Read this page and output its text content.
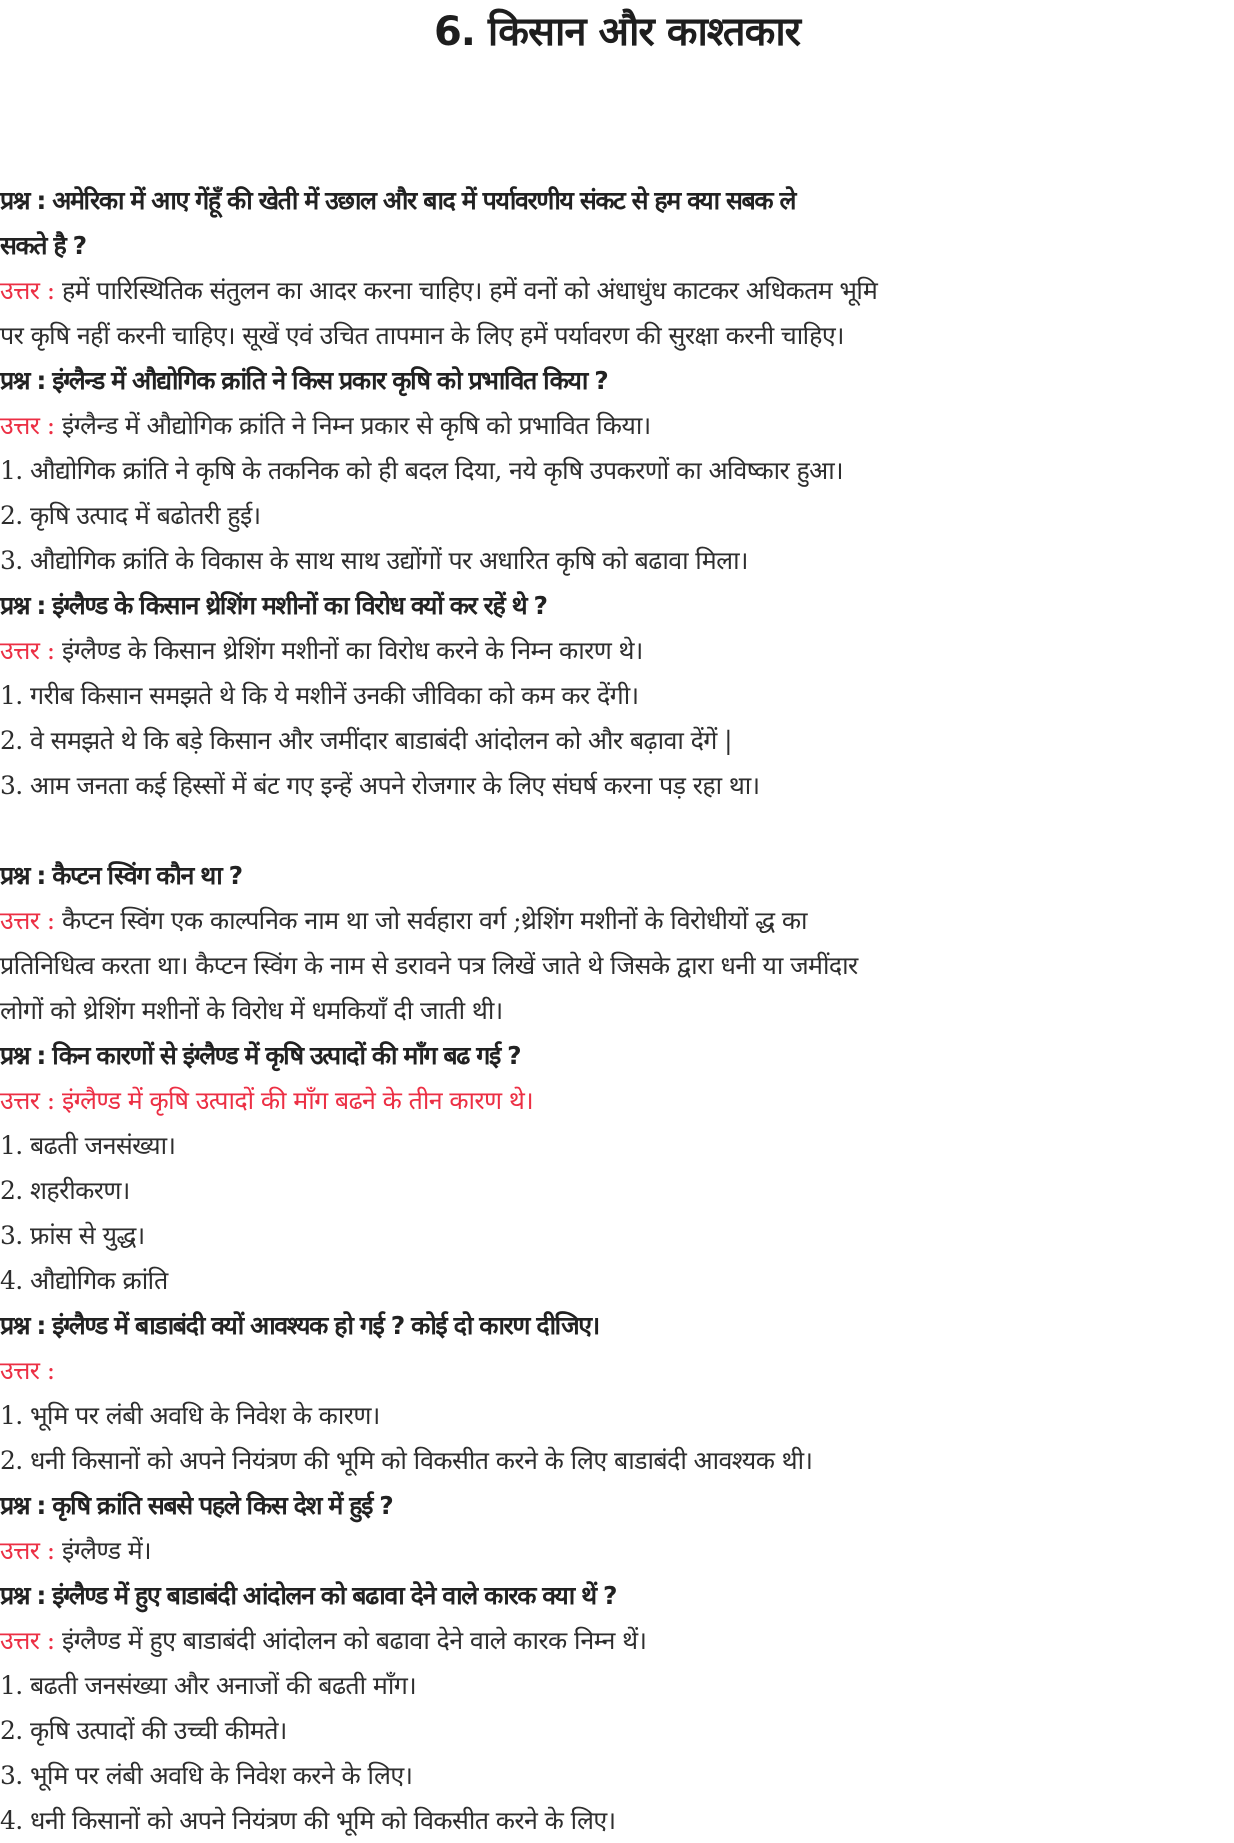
6. किसान और काश्तकार
प्रश्न : अमेरिका में आए गेंहूँ की खेती में उछाल और बाद में पर्यावरणीय संकट से हम क्या सबक ले
सकते है ?
उत्तर : हमें पारिस्थितिक संतुलन का आदर करना चाहिए। हमें वनों को अंधाधुंध काटकर अधिकतम भूमि
पर कृषि नहीं करनी चाहिए। सूखें एवं उचित तापमान के लिए हमें पर्यावरण की सुरक्षा करनी चाहिए।
प्रश्न : इंग्लैन्ड में औद्योगिक क्रांति ने किस प्रकार कृषि को प्रभावित किया ?
उत्तर : इंग्लैन्ड में औद्योगिक क्रांति ने निम्न प्रकार से कृषि को प्रभावित किया।
1. औद्योगिक क्रांति ने कृषि के तकनिक को ही बदल दिया, नये कृषि उपकरणों का अविष्कार हुआ।
2. कृषि उत्पाद में बढोतरी हुई।
3. औद्योगिक क्रांति के विकास के साथ साथ उद्योंगों पर अधारित कृषि को बढावा मिला।
प्रश्न : इंग्लैण्ड के किसान थ्रेशिंग मशीनों का विरोध क्यों कर रहें थे ?
उत्तर : इंग्लैण्ड के किसान थ्रेशिंग मशीनों का विरोध करने के निम्न कारण थे।
1. गरीब किसान समझते थे कि ये मशीनें उनकी जीविका को कम कर देंगी।
2. वे समझते थे कि बड़े किसान और जमींदार बाडाबंदी आंदोलन को और बढ़ावा देंगें |
3. आम जनता कई हिस्सों में बंट गए इन्हें अपने रोजगार के लिए संघर्ष करना पड़ रहा था।
प्रश्न : कैप्टन स्विंग कौन था ?
उत्तर : कैप्टन स्विंग एक काल्पनिक नाम था जो सर्वहारा वर्ग ;थ्रेशिंग मशीनों के विरोधीयों द्ध का
प्रतिनिधित्व करता था। कैप्टन स्विंग के नाम से डरावने पत्र लिखें जाते थे जिसके द्वारा धनी या जमींदार
लोगों को थ्रेशिंग मशीनों के विरोध में धमकियाँ दी जाती थी।
प्रश्न : किन कारणों से इंग्लैण्ड में कृषि उत्पादों की माँग बढ गई ?
उत्तर : इंग्लैण्ड में कृषि उत्पादों की माँग बढने के तीन कारण थे।
1. बढती जनसंख्या।
2. शहरीकरण।
3. फ्रांस से युद्ध।
4. औद्योगिक क्रांति
प्रश्न : इंग्लैण्ड में बाडाबंदी क्यों आवश्यक हो गई ? कोई दो कारण दीजिए।
उत्तर :
1. भूमि पर लंबी अवधि के निवेश के कारण।
2. धनी किसानों को अपने नियंत्रण की भूमि को विकसीत करने के लिए बाडाबंदी आवश्यक थी।
प्रश्न : कृषि क्रांति सबसे पहले किस देश में हुई ?
उत्तर : इंग्लैण्ड में।
प्रश्न : इंग्लैण्ड में हुए बाडाबंदी आंदोलन को बढावा देने वाले कारक क्या थें ?
उत्तर : इंग्लैण्ड में हुए बाडाबंदी आंदोलन को बढावा देने वाले कारक निम्न थें।
1. बढती जनसंख्या और अनाजों की बढती माँग।
2. कृषि उत्पादों की उच्ची कीमते।
3. भूमि पर लंबी अवधि के निवेश करने के लिए।
4. धनी किसानों को अपने नियंत्रण की भूमि को विकसीत करने के लिए।
